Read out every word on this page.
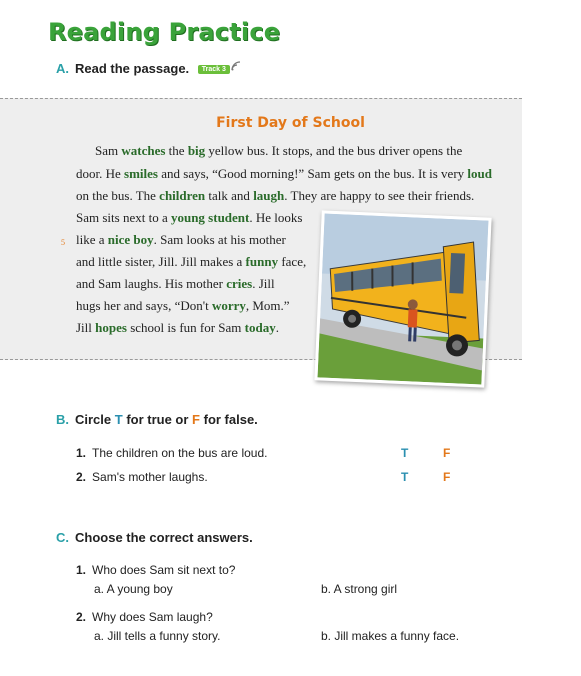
Reading Practice
A. Read the passage. Track 3
First Day of School
Sam watches the big yellow bus. It stops, and the bus driver opens the
door. He smiles and says, “Good morning!” Sam gets on the bus. It is very loud
on the bus. The children talk and laugh. They are happy to see their friends.
Sam sits next to a young student. He looks
like a nice boy. Sam looks at his mother
and little sister, Jill. Jill makes a funny face,
and Sam laughs. His mother cries. Jill
hugs her and says, “Don't worry, Mom.”
Jill hopes school is fun for Sam today.
5
B. Circle T for true or F for false.
1. The children on the bus are loud.	T	F
2. Sam's mother laughs.	T	F
C. Choose the correct answers.
1. Who does Sam sit next to?
a. A young boy	b. A strong girl
2. Why does Sam laugh?
a. Jill tells a funny story.	b. Jill makes a funny face.
